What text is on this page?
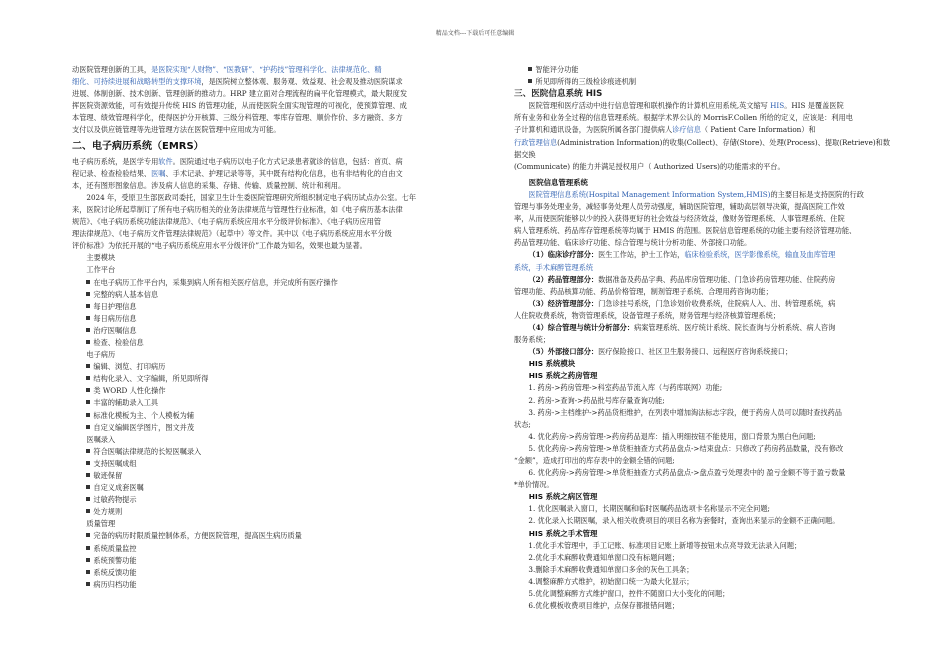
精品文档---下载后可任意编辑

动医院管理创新的工具，是医院实现“人财物”、“医教研”、“护药技”管理科学化、法律规范化、精

细化、可持续进展和战略转型的支撑环境，是医院树立整体观、服务观、效益观、社会观及推动医院谋求

进展、体制创新、技术创新、管理创新的推动力。HRP 建立面对合理流程的扁平化管理模式，最大限度发

挥医院资源效能，可有效提升传统 HIS 的管理功能，从而使医院全面实现管理的可视化，使预算管理、成

本管理、绩效管理科学化，使得医护分开核算、三级分科管理、零库存管理、顺价作价、多方融资、多方

支付以及供应链管理等先进管理方法在医院管理中应用成为可能。

二、电子病历系统（EMRS）

电子病历系统，是医学专用软件。医院通过电子病历以电子化方式记录患者就诊的信息，包括：首页、病

程记录、检查检验结果、医嘱、手术记录、护理记录等等，其中既有结构化信息，也有非结构化的自由文

本，还有图形图象信息。涉及病人信息的采集、存储、传输、质量控制、统计和利用。

2024 年，受原卫生部医政司委托，国家卫生计生委医院管理研究所组织制定电子病历试点办公室。七年

来，医院讨论所起草制订了所有电子病历相关的业务法律规范与管理性行业标准，如《电子病历基本法律

规范》、《电子病历系统功能法律规范》、《电子病历系统应用水平分级评价标准》、《电子病历应用管

理法律规范》、《电子病历文件管理法律规范》（起草中）等文件。其中以《电子病历系统应用水平分级

评价标准》为依托开展的“电子病历系统应用水平分级评价”工作最为知名，效果也最为显著。

主要模块

工作平台

在电子病历工作平台内，采集到病人所有相关医疗信息，并完成所有医疗操作

完整的病人基本信息

每日护理信息

每日病历信息

治疗医嘱信息

检查、检验信息

电子病历

编辑、浏览、打印病历

结构化录入、文字编辑，所见即所得

类 WORD 人性化操作

丰富的辅助录入工具

标准化模板为主、个人模板为辅

自定义编辑医学图片，图文并茂

医嘱录入

符合医嘱法律规范的长短医嘱录入

支持医嘱成组

敏迹保留

自定义成套医嘱

过敏药物提示

处方规则

质量管理

完备的病历时限质量控制体系，方便医院管理，提高医生病历质量

系统质量监控

系统预警功能

系统反馈功能

病历归档功能

智能评分功能

所见即所得的三级检诊痕迹机制

三、医院信息系统 HIS

医院管理和医疗活动中进行信息管理和联机操作的计算机应用系统,英文缩写 HIS。HIS 是覆盖医院

所有业务和业务全过程的信息管理系统。根据学术界公认的 MorrisF.Collen 所给的定义，应该是：利用电

子计算机和通讯设备，为医院所属各部门提供病人诊疗信息（ Patient Care Information）和

行政管理信息(Administration Information)的收集(Collect)、存储(Store)、处理(Process)、提取(Retrieve)和数据交换

(Communicate) 的能力并满足授权用户（ Authorized Users)的功能需求的平台。

医院信息管理系统

医院管理信息系统(Hospital Management Information System,HMIS)的主要目标是支持医院的行政

管理与事务处理业务，减轻事务处理人员劳动强度，辅助医院管理，辅助高层领导决策，提高医院工作效

率，从而使医院能够以少的投入获得更好的社会效益与经济效益，像财务管理系统、人事管理系统、住院

病人管理系统、药品库存管理系统等均属于 HMIS 的范围。医院信息管理系统的功能主要有经济管理功能、

药品管理功能、临床诊疗功能、综合管理与统计分析功能、外部接口功能。

（1）临床诊疗部分：医生工作站，护士工作站，临床检验系统，医学影像系统，输血及血库管理

系统，手术麻醉管理系统

（2）药品管理部分：数据准备及药品字典、药品库房管理功能、门急诊药房管理功能、住院药房

管理功能、药品核算功能、药品价格管理，制剂管理子系统、合理用药咨询功能；

（3）经济管理部分：门急诊挂号系统，门急诊划价收费系统，住院病人入、出、转管理系统，病

人住院收费系统，物资管理系统，设备管理子系统，财务管理与经济核算管理系统；

（4）综合管理与统计分析部分：病案管理系统、医疗统计系统、院长查询与分析系统、病人咨询

服务系统；

（5）外部接口部分：医疗保险接口、社区卫生服务接口、远程医疗咨询系统接口；

HIS 系统模块
HIS 系统之药房管理

1. 药房->药房管理->科室药品节流入库（与药库联网）功能;

2. 药房->查询->药品批号库存量查询功能;

3. 药房->主档维护->药品货柜维护，在列表中增加淘法标志字段，便于药房人员可以随时查找药品

状态;

4. 优化药房->药房管理->药房药品退库：插入明细按钮不能使用，窗口背景为黑白色问题;

5. 优化药房->药房管理->单货柜抽查方式药品盘点->结束盘点：只修改了药房药品数量，没有修改

“金额”，造成打印出的库存表中的金额全错的问题;

6. 优化药房->药房管理->单货柜抽查方式药品盘点->盘点盈亏处理表中的 盈亏金额不等于盈亏数量

*单价情况。

HIS 系统之病区管理

1. 优化医嘱录入窗口，长期医嘱和临时医嘱药品选项卡名称显示不完全问题;

2. 优化录入长期医嘱，录入相关收费项目的项目名称为套餐时，查询出来显示的金额不正确问题。

HIS 系统之手术管理

1.优化手术管理中，手工记账、标准项目记账上新增等按钮未点亮导致无法录入问题；

2.优化手术麻醉收费通知单窗口没有标题问题；

3.删除手术麻醉收费通知单窗口多余的灰色工具条；

4.调整麻醉方式维护，初始窗口统一为最大化显示；

5.优化调整麻醉方式维护窗口，控件不随窗口大小变化的问题；

6.优化模板收费项目维护，点保存都报错问题；
